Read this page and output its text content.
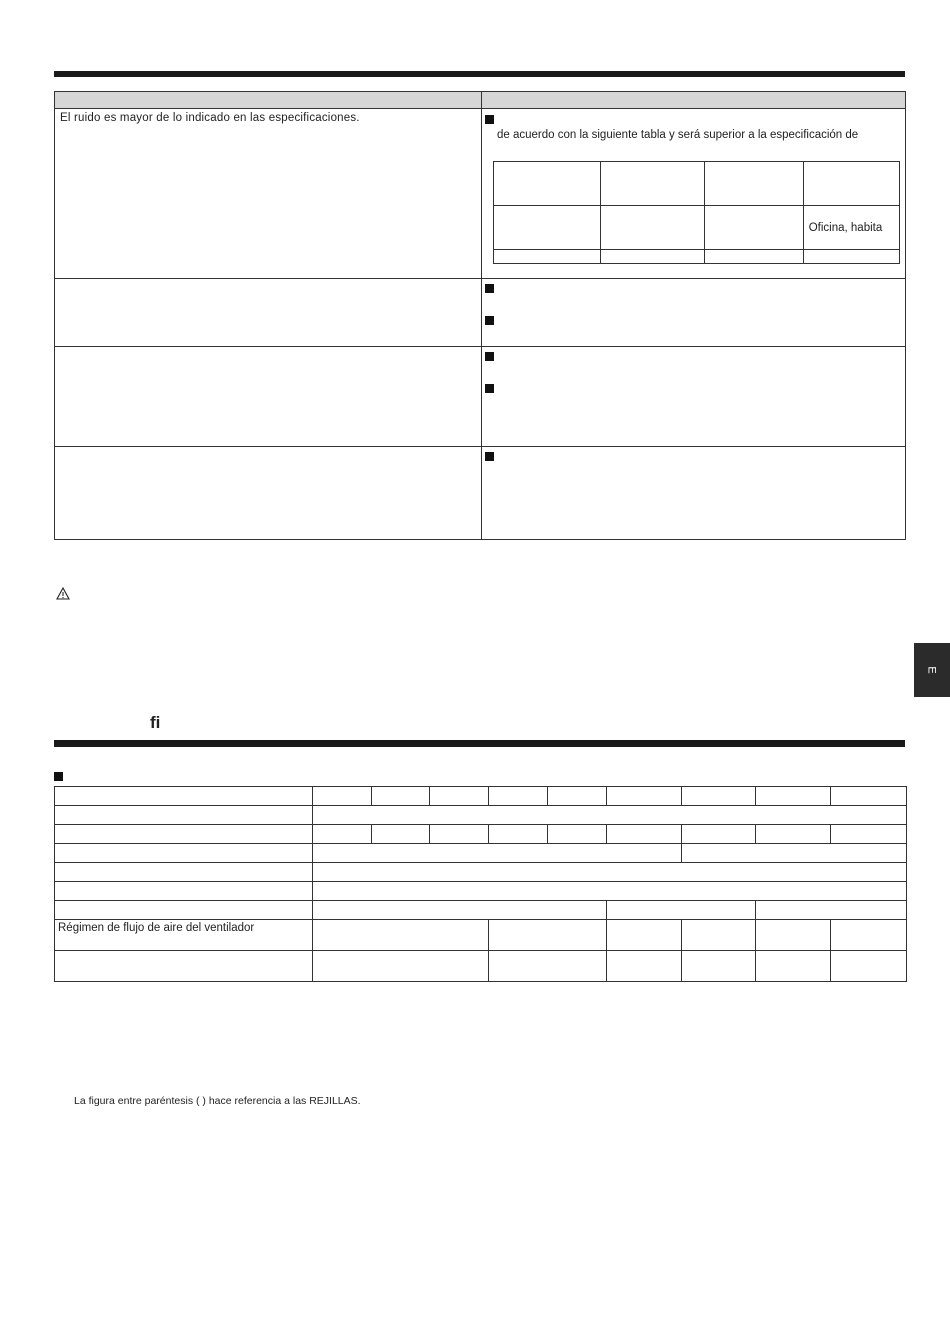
El ruido es mayor de lo indicado en las especificaciones.

de acuerdo con la siguiente tabla y será superior a la especificación de

			Oficina, habita

E
fi

Régimen de flujo de aire del ventilador									

La figura entre paréntesis ( ) hace referencia a las REJILLAS.
